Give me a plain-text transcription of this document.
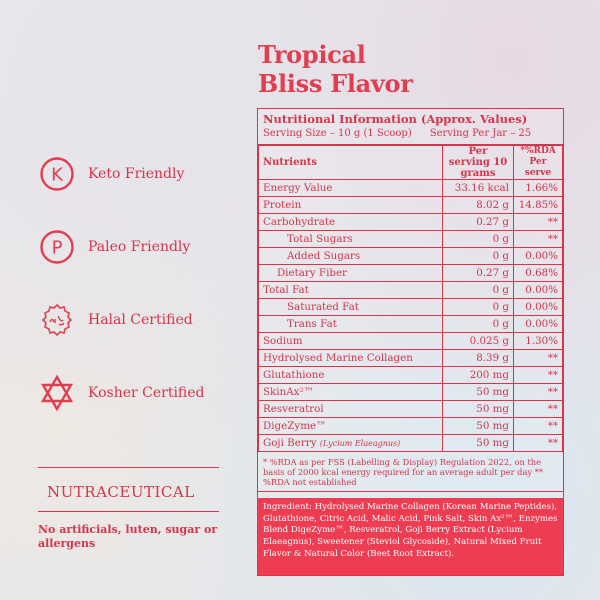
Tropical
Bliss Flavor
K Keto Friendly
P Paleo Friendly
Halal Certified
Kosher Certified
NUTRACEUTICAL
No artificials, luten, sugar or allergens
Nutritional Information (Approx. Values)
Serving Size – 10 g (1 Scoop) Serving Per Jar – 25
Nutrients	Per serving 10 grams	*%RDA Per serve
Energy Value	33.16 kcal	1.66%
Protein	8.02 g	14.85%
Carbohydrate	0.27 g	**
Total Sugars	0 g	**
Added Sugars	0 g	0.00%
Dietary Fiber	0.27 g	0.68%
Total Fat	0 g	0.00%
Saturated Fat	0 g	0.00%
Trans Fat	0 g	0.00%
Sodium	0.025 g	1.30%
Hydrolysed Marine Collagen	8.39 g	**
Glutathione	200 mg	**
SkinAx²™	50 mg	**
Resveratrol	50 mg	**
DigeZyme™	50 mg	**
Goji Berry (Lycium Elaeagnus)	50 mg	**
* %RDA as per FSS (Labelling & Display) Regulation 2022, on the basis of 2000 kcal energy required for an average adult per day ** %RDA not established
Ingredient: Hydrolysed Marine Collagen (Korean Marine Peptides), Glutathione, Citric Acid, Malic Acid, Pink Salt, Skin Ax²™, Enzymes Blend DigeZyme™, Resveratrol, Goji Berry Extract (Lycium Elaeagnus), Sweetener (Steviol Glycoside), Natural Mixed Fruit Flavor & Natural Color (Beet Root Extract).
